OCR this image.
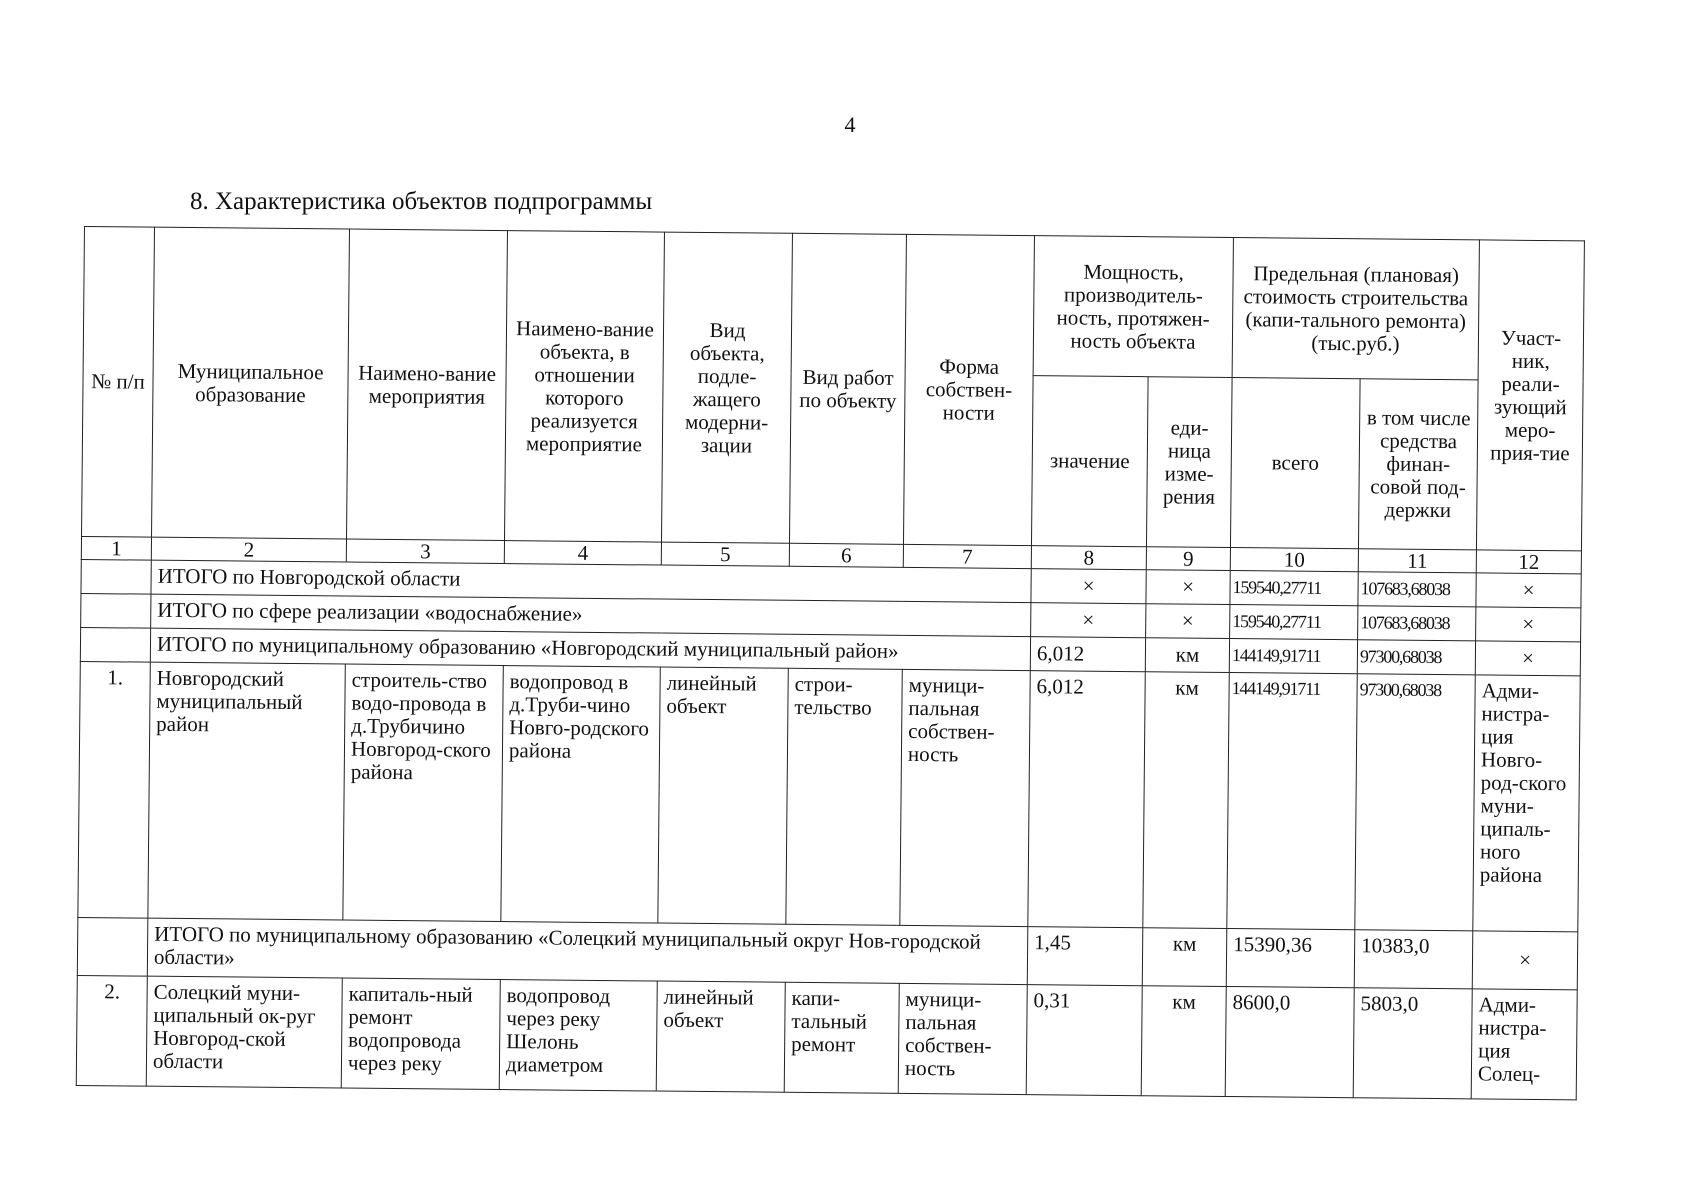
4
8. Характеристика объектов подпрограммы
№ п/п	Муниципальное образование	Наимено-вание мероприятия	Наимено-вание объекта, в отношении которого реализуется мероприятие	Вид объекта, подле-жащего модерни-зации	Вид работ по объекту	Форма собствен-ности	Мощность, производитель-ность, протяжен-ность объекта		Предельная (плановая) стоимость строительства (капи-тального ремонта) (тыс.руб.)		Участ-ник, реали-зующий меро-прия-тие
							значение	еди-ница изме-рения	всего	в том числе средства финан-совой под-держки	
1	2	3	4	5	6	7	8	9	10	11	12
	ИТОГО по Новгородской области						×	×	159540,27711	107683,68038	×
	ИТОГО по сфере реализации «водоснабжение»						×	×	159540,27711	107683,68038	×
	ИТОГО по муниципальному образованию «Новгородский муниципальный район»						6,012	км	144149,91711	97300,68038	×
1.	Новгородский муниципальный район	строитель-ство водо-провода в д.Трубичино Новгород-ского района	водопровод в д.Труби-чино Новго-родского района	линейный объект	строи-тельство	муници-пальная собствен-ность	6,012	км	144149,91711	97300,68038	Адми-нистра-ция Новго-род-ского муни-ципаль-ного района
	ИТОГО по муниципальному образованию «Солецкий муниципальный округ Нов-городской области»						1,45	км	15390,36	10383,0	×
2.	Солецкий муни-ципальный ок-руг Новгород-ской области	капиталь-ный ремонт водопровода через реку	водопровод через реку Шелонь диаметром	линейный объект	капи-тальный ремонт	муници-пальная собствен-ность	0,31	км	8600,0	5803,0	Адми-нистра-ция Солец-
